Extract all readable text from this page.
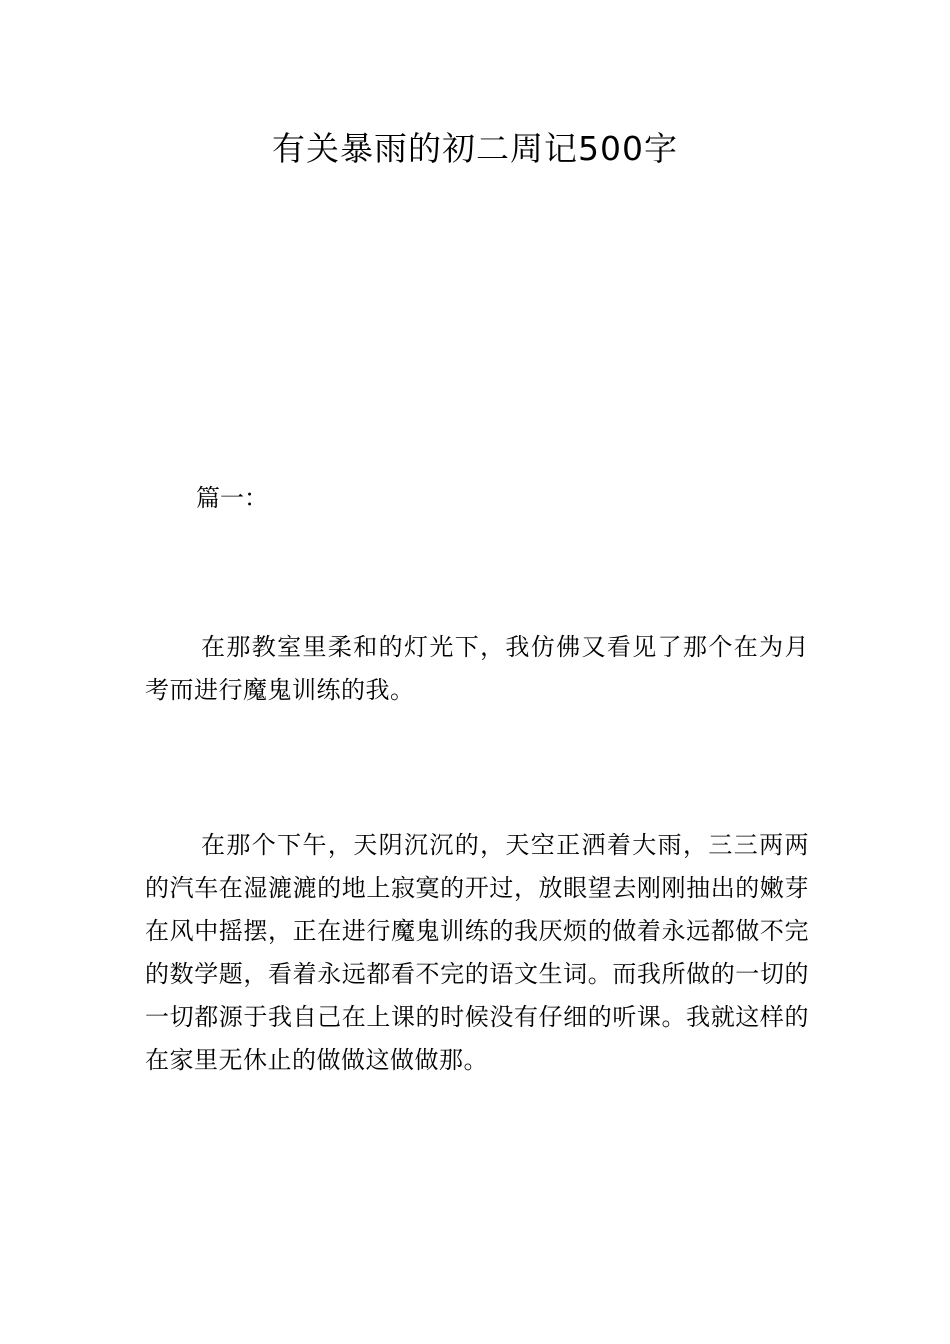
有关暴雨的初二周记500字

篇一：

在那教室里柔和的灯光下，我仿佛又看见了那个在为月考而进行魔鬼训练的我。

在那个下午，天阴沉沉的，天空正洒着大雨，三三两两的汽车在湿漉漉的地上寂寞的开过，放眼望去刚刚抽出的嫩芽在风中摇摆，正在进行魔鬼训练的我厌烦的做着永远都做不完的数学题，看着永远都看不完的语文生词。而我所做的一切的一切都源于我自己在上课的时候没有仔细的听课。我就这样的在家里无休止的做做这做做那。
